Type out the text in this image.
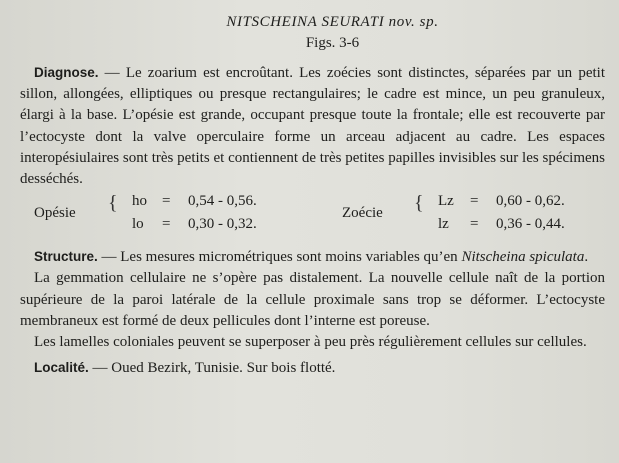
NITSCHEINA SEURATI nov. sp.

Figs. 3-6

Diagnose. — Le zoarium est encroûtant. Les zoécies sont distinctes, séparées par un petit sillon, allongées, elliptiques ou presque rectangulaires; le cadre est mince, un peu granuleux, élargi à la base. L’opésie est grande, occupant presque toute la frontale; elle est recouverte par l’ectocyste dont la valve operculaire forme un arceau adjacent au cadre. Les espaces interopésiulaires sont très petits et contiennent de très petites papilles invisibles sur les spécimens desséchés.

Opésie { ho = 0,54 - 0,56.
lo = 0,30 - 0,32.
Zoécie { Lz = 0,60 - 0,62.
lz = 0,36 - 0,44.

Structure. — Les mesures micrométriques sont moins variables qu’en Nitscheina spiculata.

La gemmation cellulaire ne s’opère pas distalement. La nouvelle cellule naît de la portion supérieure de la paroi latérale de la cellule proximale sans trop se déformer. L’ectocyste membraneux est formé de deux pellicules dont l’interne est poreuse.

Les lamelles coloniales peuvent se superposer à peu près régulièrement cellules sur cellules.

Localité. — Oued Bezirk, Tunisie. Sur bois flotté.
